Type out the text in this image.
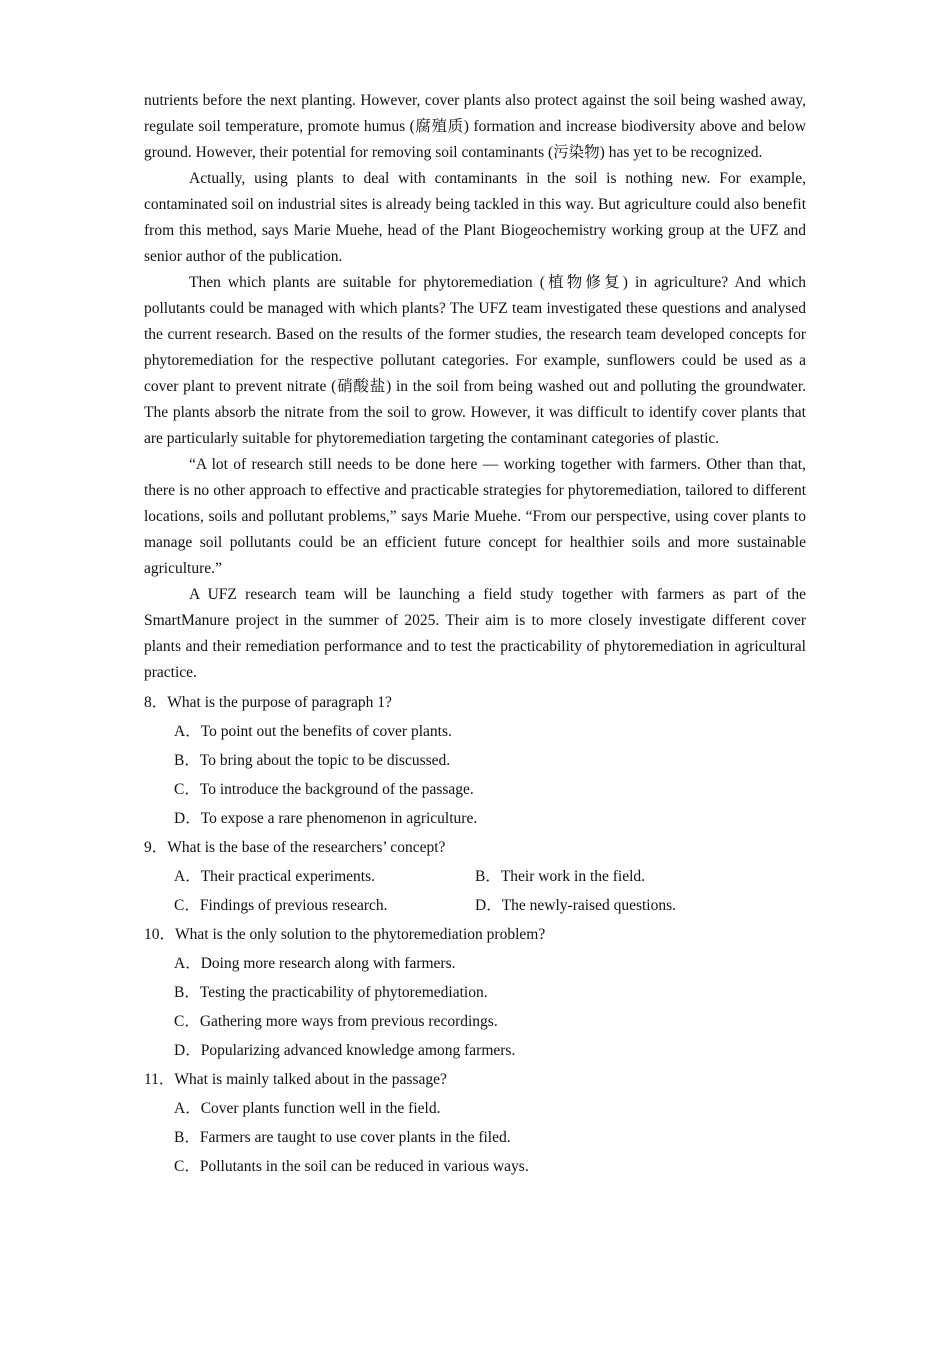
nutrients before the next planting. However, cover plants also protect against the soil being washed away, regulate soil temperature, promote humus (腐殖质) formation and increase biodiversity above and below ground. However, their potential for removing soil contaminants (污染物) has yet to be recognized.

Actually, using plants to deal with contaminants in the soil is nothing new. For example, contaminated soil on industrial sites is already being tackled in this way. But agriculture could also benefit from this method, says Marie Muehe, head of the Plant Biogeochemistry working group at the UFZ and senior author of the publication.

Then which plants are suitable for phytoremediation (植物修复) in agriculture? And which pollutants could be managed with which plants? The UFZ team investigated these questions and analysed the current research. Based on the results of the former studies, the research team developed concepts for phytoremediation for the respective pollutant categories. For example, sunflowers could be used as a cover plant to prevent nitrate (硝酸盐) in the soil from being washed out and polluting the groundwater. The plants absorb the nitrate from the soil to grow. However, it was difficult to identify cover plants that are particularly suitable for phytoremediation targeting the contaminant categories of plastic.

“A lot of research still needs to be done here — working together with farmers. Other than that, there is no other approach to effective and practicable strategies for phytoremediation, tailored to different locations, soils and pollutant problems,” says Marie Muehe. “From our perspective, using cover plants to manage soil pollutants could be an efficient future concept for healthier soils and more sustainable agriculture.”

A UFZ research team will be launching a field study together with farmers as part of the SmartManure project in the summer of 2025. Their aim is to more closely investigate different cover plants and their remediation performance and to test the practicability of phytoremediation in agricultural practice.

8．What is the purpose of paragraph 1?

A．To point out the benefits of cover plants.

B．To bring about the topic to be discussed.

C．To introduce the background of the passage.

D．To expose a rare phenomenon in agriculture.

9．What is the base of the researchers’ concept?

A．Their practical experiments.	B．Their work in the field.
C．Findings of previous research.	D．The newly-raised questions.

10．What is the only solution to the phytoremediation problem?

A．Doing more research along with farmers.

B．Testing the practicability of phytoremediation.

C．Gathering more ways from previous recordings.

D．Popularizing advanced knowledge among farmers.

11．What is mainly talked about in the passage?

A．Cover plants function well in the field.

B．Farmers are taught to use cover plants in the filed.

C．Pollutants in the soil can be reduced in various ways.
